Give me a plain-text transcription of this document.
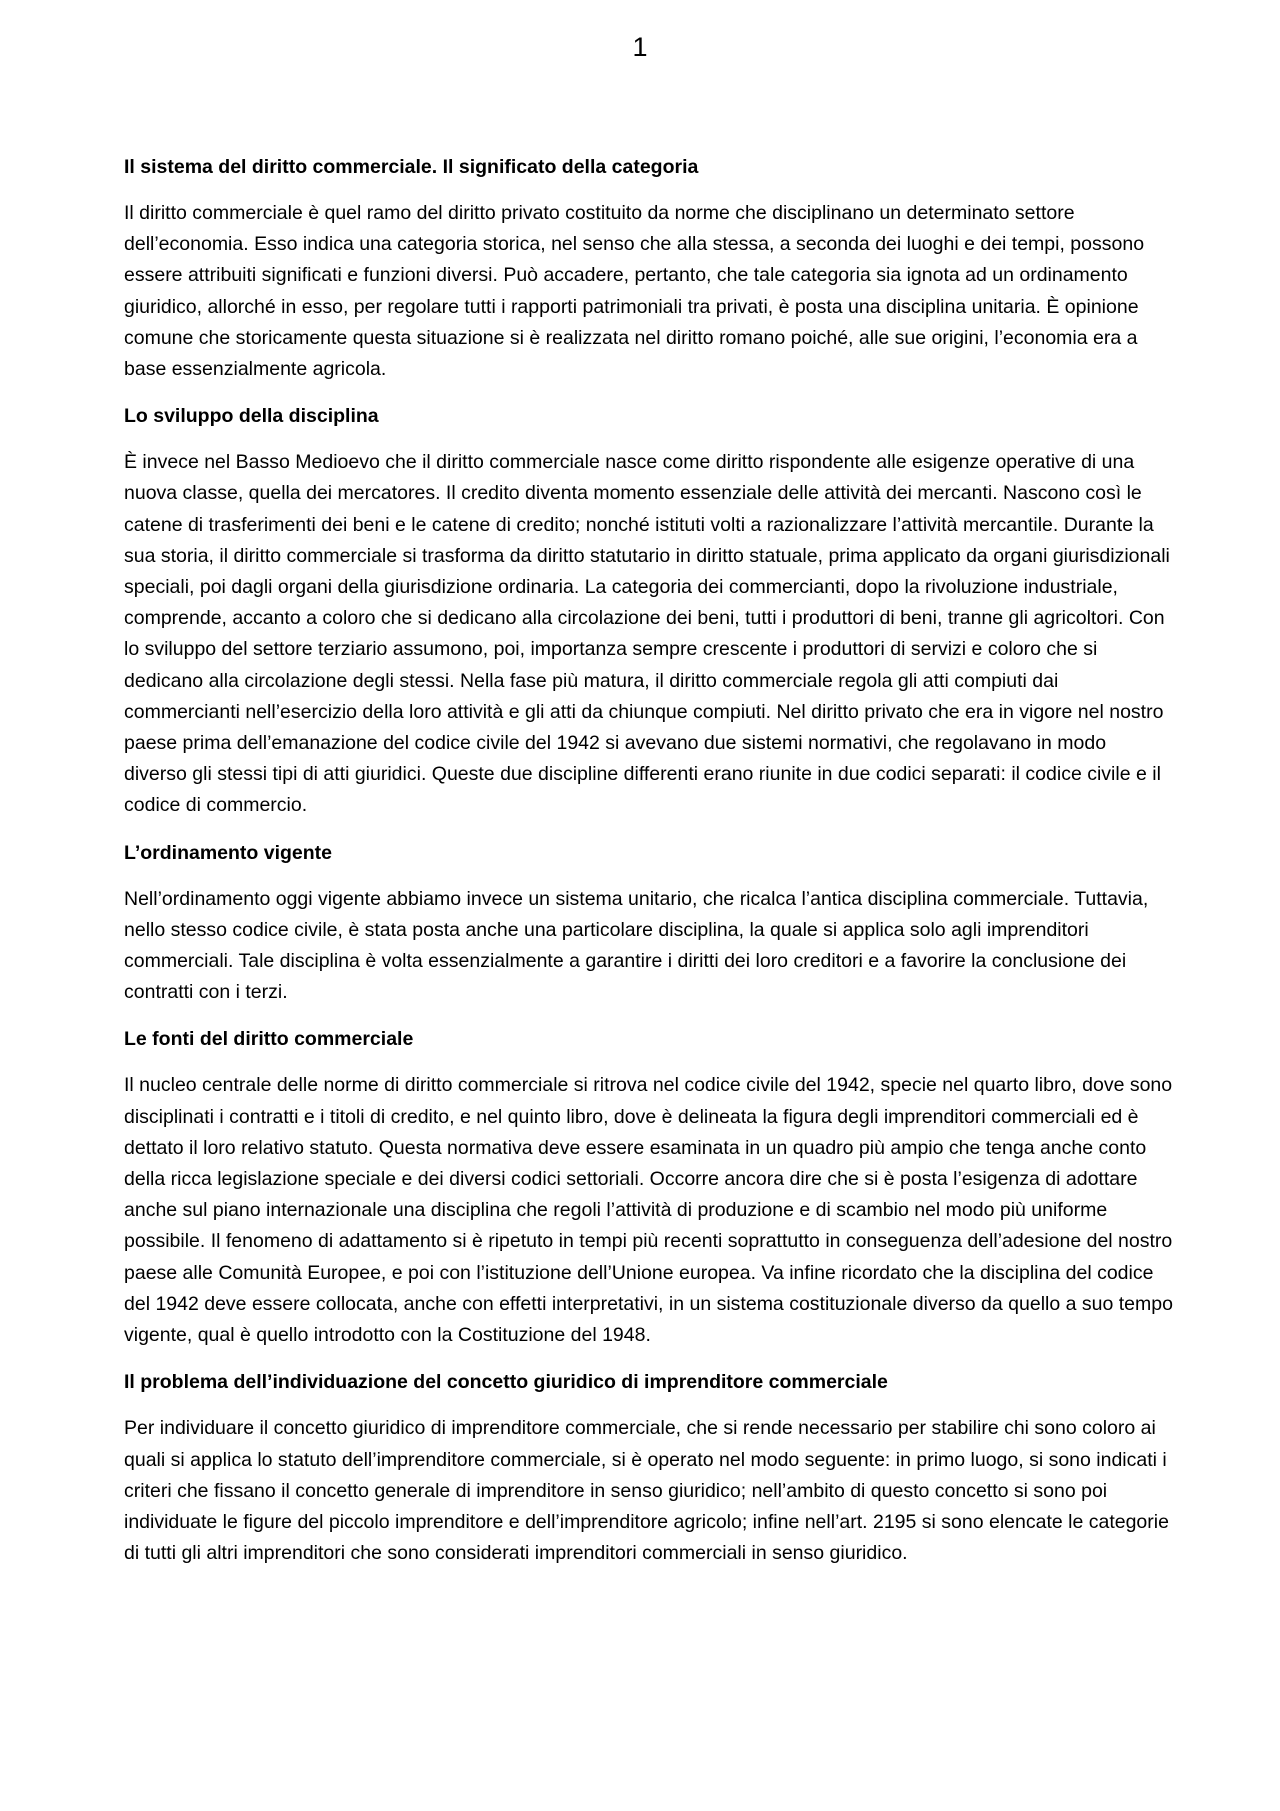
1
Il sistema del diritto commerciale. Il significato della categoria

Il diritto commerciale è quel ramo del diritto privato costituito da norme che disciplinano un determinato settore dell’economia. Esso indica una categoria storica, nel senso che alla stessa, a seconda dei luoghi e dei tempi, possono essere attribuiti significati e funzioni diversi. Può accadere, pertanto, che tale categoria sia ignota ad un ordinamento giuridico, allorché in esso, per regolare tutti i rapporti patrimoniali tra privati, è posta una disciplina unitaria. È opinione comune che storicamente questa situazione si è realizzata nel diritto romano poiché, alle sue origini, l’economia era a base essenzialmente agricola.

Lo sviluppo della disciplina

È invece nel Basso Medioevo che il diritto commerciale nasce come diritto rispondente alle esigenze operative di una nuova classe, quella dei mercatores. Il credito diventa momento essenziale delle attività dei mercanti. Nascono così le catene di trasferimenti dei beni e le catene di credito; nonché istituti volti a razionalizzare l’attività mercantile. Durante la sua storia, il diritto commerciale si trasforma da diritto statutario in diritto statuale, prima applicato da organi giurisdizionali speciali, poi dagli organi della giurisdizione ordinaria. La categoria dei commercianti, dopo la rivoluzione industriale, comprende, accanto a coloro che si dedicano alla circolazione dei beni, tutti i produttori di beni, tranne gli agricoltori. Con lo sviluppo del settore terziario assumono, poi, importanza sempre crescente i produttori di servizi e coloro che si dedicano alla circolazione degli stessi. Nella fase più matura, il diritto commerciale regola gli atti compiuti dai commercianti nell’esercizio della loro attività e gli atti da chiunque compiuti. Nel diritto privato che era in vigore nel nostro paese prima dell’emanazione del codice civile del 1942 si avevano due sistemi normativi, che regolavano in modo diverso gli stessi tipi di atti giuridici. Queste due discipline differenti erano riunite in due codici separati: il codice civile e il codice di commercio.

L’ordinamento vigente

Nell’ordinamento oggi vigente abbiamo invece un sistema unitario, che ricalca l’antica disciplina commerciale. Tuttavia, nello stesso codice civile, è stata posta anche una particolare disciplina, la quale si applica solo agli imprenditori commerciali. Tale disciplina è volta essenzialmente a garantire i diritti dei loro creditori e a favorire la conclusione dei contratti con i terzi.

Le fonti del diritto commerciale

Il nucleo centrale delle norme di diritto commerciale si ritrova nel codice civile del 1942, specie nel quarto libro, dove sono disciplinati i contratti e i titoli di credito, e nel quinto libro, dove è delineata la figura degli imprenditori commerciali ed è dettato il loro relativo statuto. Questa normativa deve essere esaminata in un quadro più ampio che tenga anche conto della ricca legislazione speciale e dei diversi codici settoriali. Occorre ancora dire che si è posta l’esigenza di adottare anche sul piano internazionale una disciplina che regoli l’attività di produzione e di scambio nel modo più uniforme possibile. Il fenomeno di adattamento si è ripetuto in tempi più recenti soprattutto in conseguenza dell’adesione del nostro paese alle Comunità Europee, e poi con l’istituzione dell’Unione europea. Va infine ricordato che la disciplina del codice del 1942 deve essere collocata, anche con effetti interpretativi, in un sistema costituzionale diverso da quello a suo tempo vigente, qual è quello introdotto con la Costituzione del 1948.

Il problema dell’individuazione del concetto giuridico di imprenditore commerciale

Per individuare il concetto giuridico di imprenditore commerciale, che si rende necessario per stabilire chi sono coloro ai quali si applica lo statuto dell’imprenditore commerciale, si è operato nel modo seguente: in primo luogo, si sono indicati i criteri che fissano il concetto generale di imprenditore in senso giuridico; nell’ambito di questo concetto si sono poi individuate le figure del piccolo imprenditore e dell’imprenditore agricolo; infine nell’art. 2195 si sono elencate le categorie di tutti gli altri imprenditori che sono considerati imprenditori commerciali in senso giuridico.
